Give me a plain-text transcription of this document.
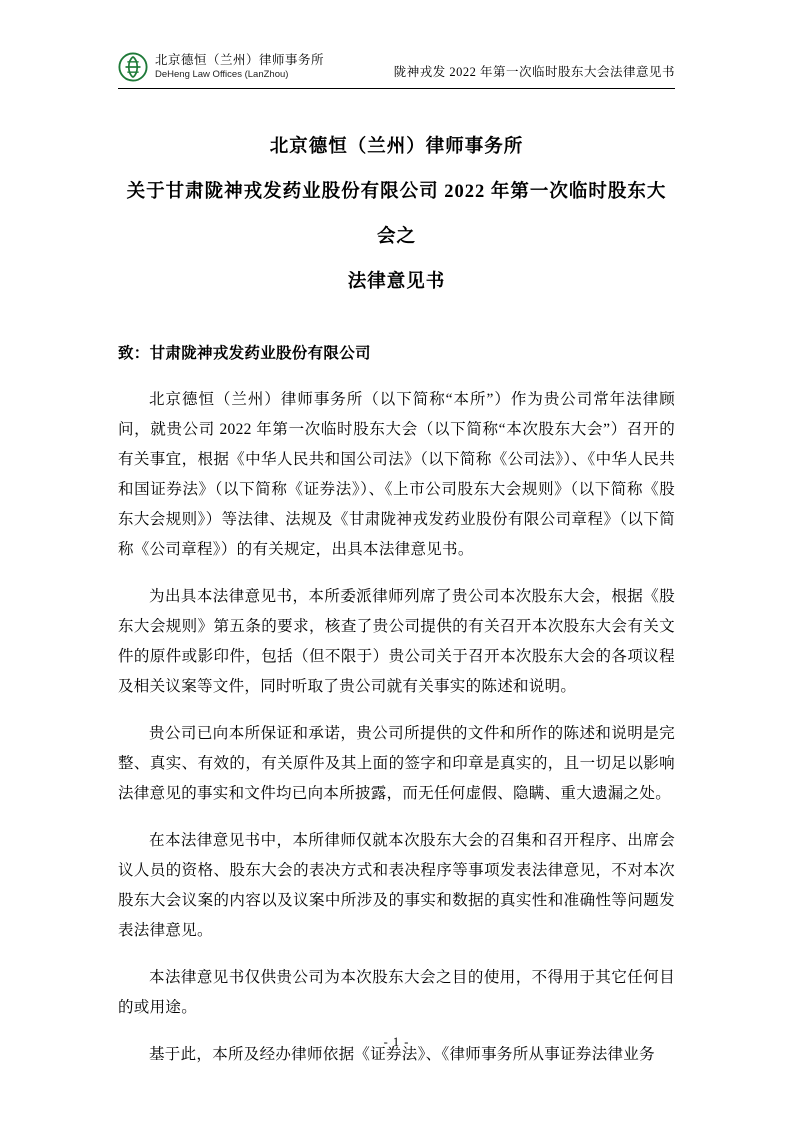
北京德恒（兰州）律师事务所
DeHeng Law Offices (LanZhou)	陇神戎发 2022 年第一次临时股东大会法律意见书
北京德恒（兰州）律师事务所
关于甘肃陇神戎发药业股份有限公司 2022 年第一次临时股东大会之
法律意见书

致：甘肃陇神戎发药业股份有限公司

北京德恒（兰州）律师事务所（以下简称“本所”）作为贵公司常年法律顾问，就贵公司 2022 年第一次临时股东大会（以下简称“本次股东大会”）召开的有关事宜，根据《中华人民共和国公司法》（以下简称《公司法》）、《中华人民共和国证券法》（以下简称《证券法》）、《上市公司股东大会规则》（以下简称《股东大会规则》）等法律、法规及《甘肃陇神戎发药业股份有限公司章程》（以下简称《公司章程》）的有关规定，出具本法律意见书。

为出具本法律意见书，本所委派律师列席了贵公司本次股东大会，根据《股东大会规则》第五条的要求，核查了贵公司提供的有关召开本次股东大会有关文件的原件或影印件，包括（但不限于）贵公司关于召开本次股东大会的各项议程及相关议案等文件，同时听取了贵公司就有关事实的陈述和说明。

贵公司已向本所保证和承诺，贵公司所提供的文件和所作的陈述和说明是完整、真实、有效的，有关原件及其上面的签字和印章是真实的，且一切足以影响法律意见的事实和文件均已向本所披露，而无任何虚假、隐瞒、重大遗漏之处。

在本法律意见书中，本所律师仅就本次股东大会的召集和召开程序、出席会议人员的资格、股东大会的表决方式和表决程序等事项发表法律意见，不对本次股东大会议案的内容以及议案中所涉及的事实和数据的真实性和准确性等问题发表法律意见。

本法律意见书仅供贵公司为本次股东大会之目的使用，不得用于其它任何目的或用途。

基于此，本所及经办律师依据《证券法》、《律师事务所从事证券法律业务

- 1 -
